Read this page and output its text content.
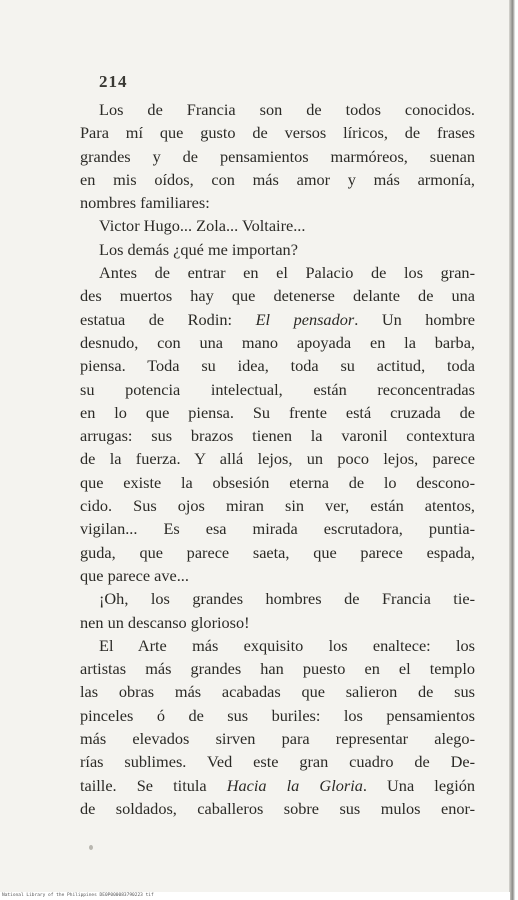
214
Los de Francia son de todos conocidos.
Para mí que gusto de versos líricos, de frases
grandes y de pensamientos marmóreos, suenan
en mis oídos, con más amor y más armonía,
nombres familiares:
Victor Hugo... Zola... Voltaire...
Los demás ¿qué me importan?
Antes de entrar en el Palacio de los gran-
des muertos hay que detenerse delante de una
estatua de Rodin: El pensador. Un hombre
desnudo, con una mano apoyada en la barba,
piensa. Toda su idea, toda su actitud, toda
su potencia intelectual, están reconcentradas
en lo que piensa. Su frente está cruzada de
arrugas: sus brazos tienen la varonil contextura
de la fuerza. Y allá lejos, un poco lejos, parece
que existe la obsesión eterna de lo descono-
cido. Sus ojos miran sin ver, están atentos,
vigilan... Es esa mirada escrutadora, puntia-
guda, que parece saeta, que parece espada,
que parece ave...
¡Oh, los grandes hombres de Francia tie-
nen un descanso glorioso!
El Arte más exquisito los enaltece: los
artistas más grandes han puesto en el templo
las obras más acabadas que salieron de sus
pinceles ó de sus buriles: los pensamientos
más elevados sirven para representar alego-
rías sublimes. Ved este gran cuadro de De-
taille. Se titula Hacia la Gloria. Una legión
de soldados, caballeros sobre sus mulos enor-
National Library of the Philippines DE0P000083790223 tif
